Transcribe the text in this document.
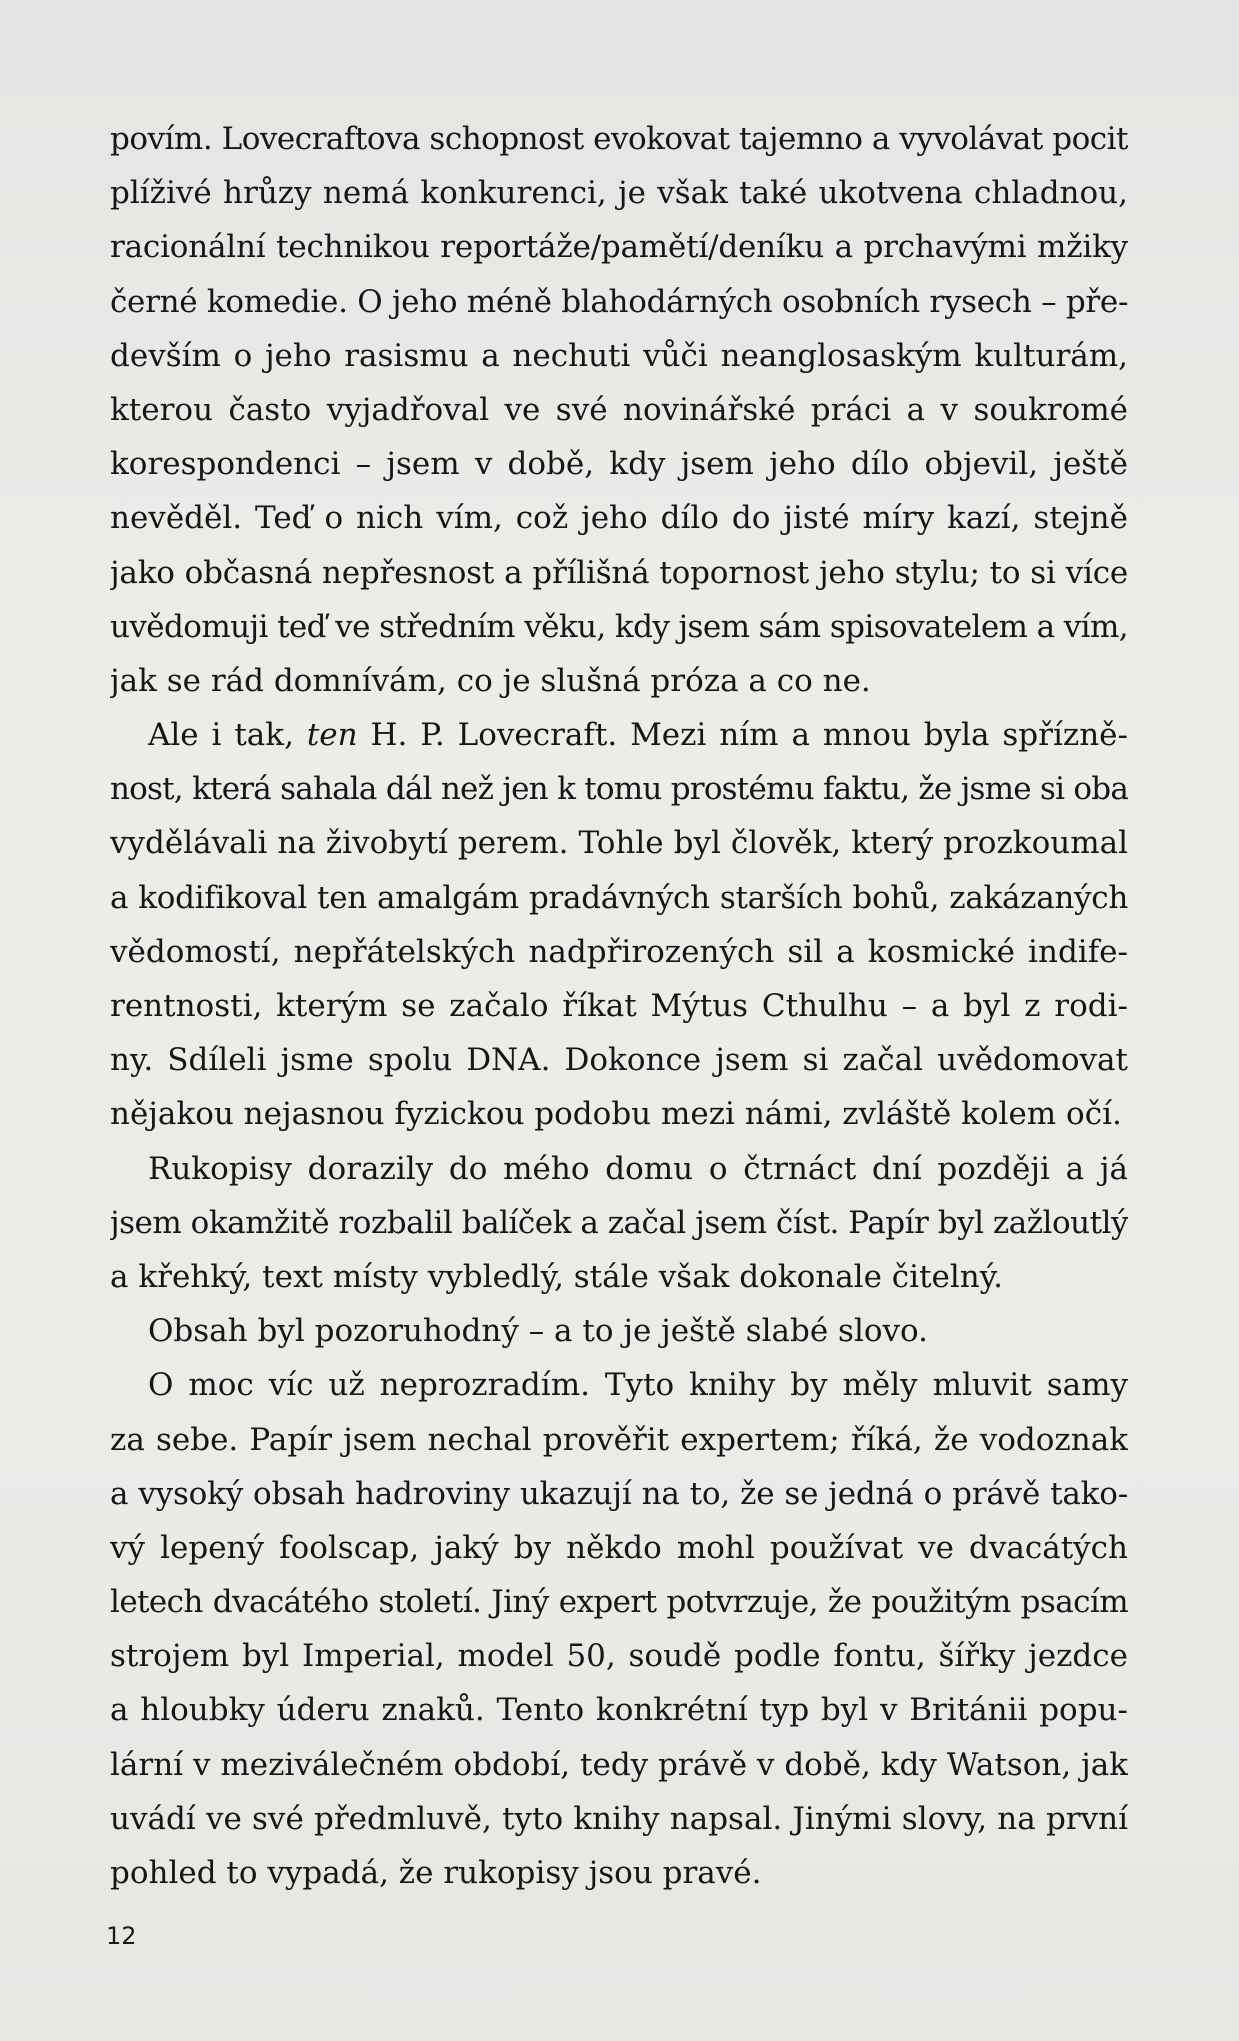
povím. Lovecraftova schopnost evokovat tajemno a vyvolávat pocit
plíživé hrůzy nemá konkurenci, je však také ukotvena chladnou,
racionální technikou reportáže/pamětí/deníku a prchavými mžiky
černé komedie. O jeho méně blahodárných osobních rysech – pře-
devším o jeho rasismu a nechuti vůči neanglosaským kulturám,
kterou často vyjadřoval ve své novinářské práci a v soukromé
korespondenci – jsem v době, kdy jsem jeho dílo objevil, ještě
nevěděl. Teď o nich vím, což jeho dílo do jisté míry kazí, stejně
jako občasná nepřesnost a přílišná topornost jeho stylu; to si více
uvědomuji teď ve středním věku, kdy jsem sám spisovatelem a vím,
jak se rád domnívám, co je slušná próza a co ne.
Ale i tak, ten H. P. Lovecraft. Mezi ním a mnou byla spřízně-
nost, která sahala dál než jen k tomu prostému faktu, že jsme si oba
vydělávali na živobytí perem. Tohle byl člověk, který prozkoumal
a kodifikoval ten amalgám pradávných starších bohů, zakázaných
vědomostí, nepřátelských nadpřirozených sil a kosmické indife-
rentnosti, kterým se začalo říkat Mýtus Cthulhu – a byl z rodi-
ny. Sdíleli jsme spolu DNA. Dokonce jsem si začal uvědomovat
nějakou nejasnou fyzickou podobu mezi námi, zvláště kolem očí.
Rukopisy dorazily do mého domu o čtrnáct dní později a já
jsem okamžitě rozbalil balíček a začal jsem číst. Papír byl zažloutlý
a křehký, text místy vybledlý, stále však dokonale čitelný.
Obsah byl pozoruhodný – a to je ještě slabé slovo.
O moc víc už neprozradím. Tyto knihy by měly mluvit samy
za sebe. Papír jsem nechal prověřit expertem; říká, že vodoznak
a vysoký obsah hadroviny ukazují na to, že se jedná o právě tako-
vý lepený foolscap, jaký by někdo mohl používat ve dvacátých
letech dvacátého století. Jiný expert potvrzuje, že použitým psacím
strojem byl Imperial, model 50, soudě podle fontu, šířky jezdce
a hloubky úderu znaků. Tento konkrétní typ byl v Británii popu-
lární v meziválečném období, tedy právě v době, kdy Watson, jak
uvádí ve své předmluvě, tyto knihy napsal. Jinými slovy, na první
pohled to vypadá, že rukopisy jsou pravé.
12
